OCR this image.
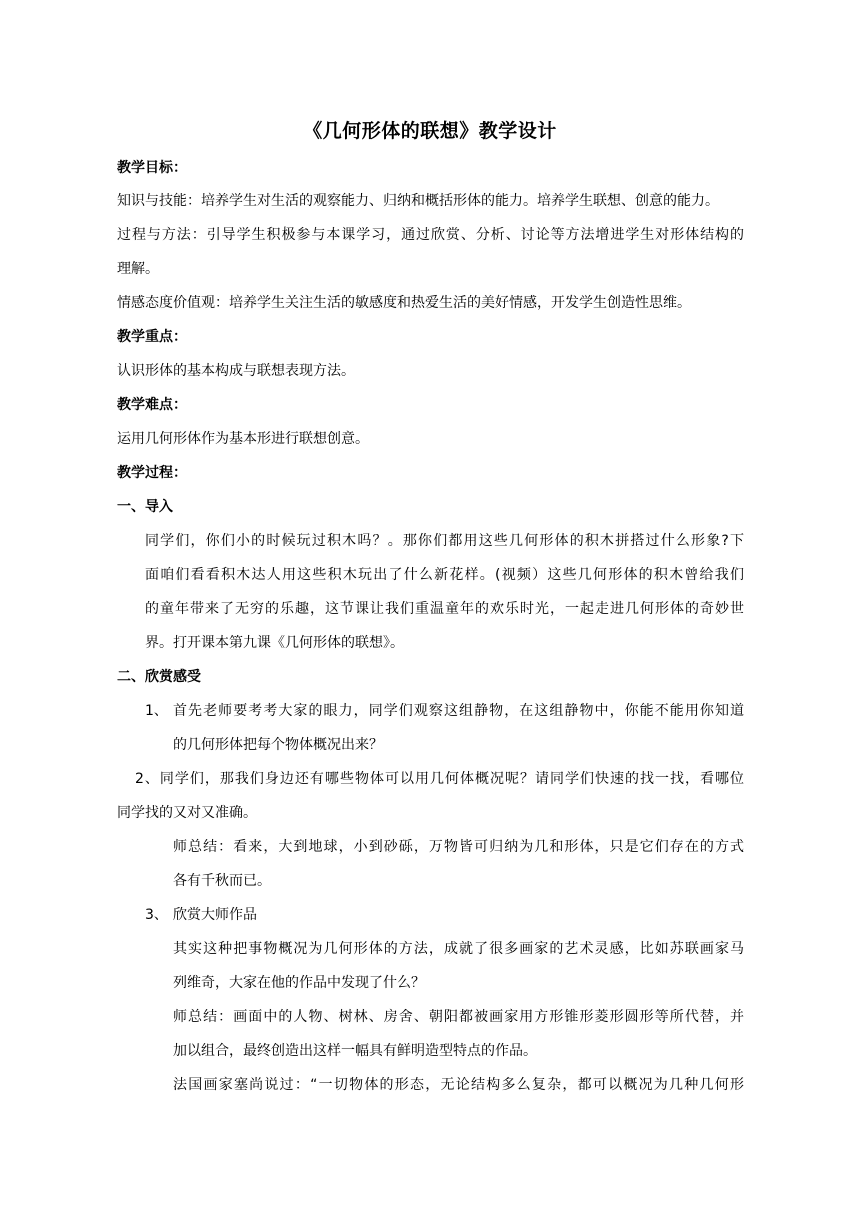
《几何形体的联想》教学设计
教学目标：
知识与技能：培养学生对生活的观察能力、归纳和概括形体的能力。培养学生联想、创意的能力。
过程与方法：引导学生积极参与本课学习，通过欣赏、分析、讨论等方法增进学生对形体结构的
理解。
情感态度价值观：培养学生关注生活的敏感度和热爱生活的美好情感，开发学生创造性思维。
教学重点：
认识形体的基本构成与联想表现方法。
教学难点：
运用几何形体作为基本形进行联想创意。
教学过程：
一、导入
同学们，你们小的时候玩过积木吗？。那你们都用这些几何形体的积木拼搭过什么形象?下
面咱们看看积木达人用这些积木玩出了什么新花样。(视频）这些几何形体的积木曾给我们
的童年带来了无穷的乐趣，这节课让我们重温童年的欢乐时光，一起走进几何形体的奇妙世
界。打开课本第九课《几何形体的联想》。
二、欣赏感受
1、 首先老师要考考大家的眼力，同学们观察这组静物，在这组静物中，你能不能用你知道
的几何形体把每个物体概况出来？
2、同学们，那我们身边还有哪些物体可以用几何体概况呢？请同学们快速的找一找，看哪位
同学找的又对又准确。
师总结：看来，大到地球，小到砂砾，万物皆可归纳为几和形体，只是它们存在的方式
各有千秋而已。
3、 欣赏大师作品
其实这种把事物概况为几何形体的方法，成就了很多画家的艺术灵感，比如苏联画家马
列维奇，大家在他的作品中发现了什么？
师总结：画面中的人物、树林、房舍、朝阳都被画家用方形锥形菱形圆形等所代替，并
加以组合，最终创造出这样一幅具有鲜明造型特点的作品。
法国画家塞尚说过：“一切物体的形态，无论结构多么复杂，都可以概况为几种几何形
